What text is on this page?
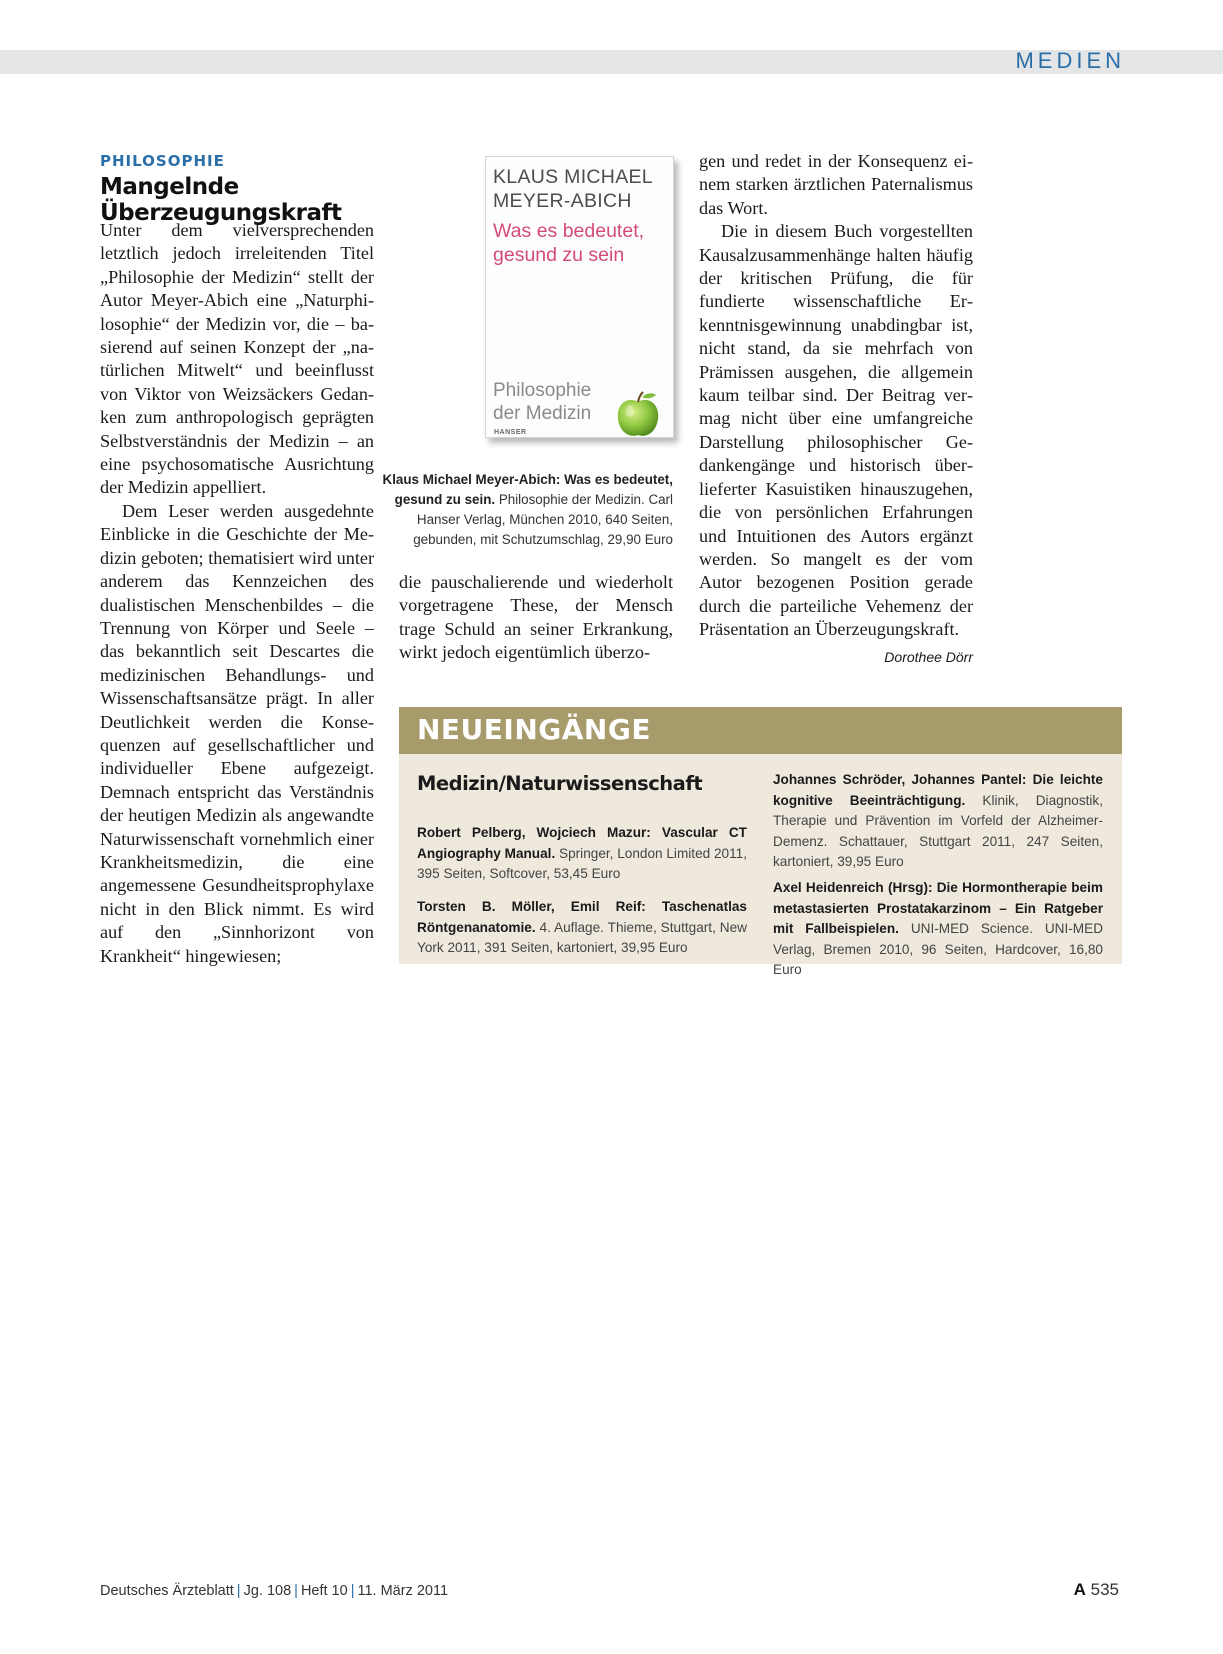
MEDIEN
PHILOSOPHIE
Mangelnde Überzeugungskraft

Unter dem vielversprechenden letztlich jedoch irreleitenden Titel „Philosophie der Medizin“ stellt der Autor Meyer-Abich eine „Naturphilosophie“ der Medizin vor, die – basierend auf seinen Konzept der „natürlichen Mitwelt“ und beeinflusst von Viktor von Weizsäckers Gedanken zum anthropologisch geprägten Selbstverständnis der Medizin – an eine psychosomatische Ausrichtung der Medizin appelliert.

Dem Leser werden ausgedehnte Einblicke in die Geschichte der Medizin geboten; thematisiert wird unter anderem das Kennzeichen des dualistischen Menschenbildes – die Trennung von Körper und Seele – das bekanntlich seit Descartes die medizinischen Behandlungs- und Wissenschaftsansätze prägt. In aller Deutlichkeit werden die Konsequenzen auf gesellschaftlicher und individueller Ebene aufgezeigt. Demnach entspricht das Verständnis der heutigen Medizin als angewandte Naturwissenschaft vornehmlich einer Krankheitsmedizin, die eine angemessene Gesundheitsprophylaxe nicht in den Blick nimmt. Es wird auf den „Sinnhorizont von Krankheit“ hingewiesen;

KLAUS MICHAEL MEYER-ABICH
Was es bedeutet, gesund zu sein
Philosophie der Medizin
HANSER
Klaus Michael Meyer-Abich: Was es bedeutet, gesund zu sein. Philosophie der Medizin. Carl Hanser Verlag, München 2010, 640 Seiten, gebunden, mit Schutzumschlag, 29,90 Euro

die pauschalierende und wiederholt vorgetragene These, der Mensch trage Schuld an seiner Erkrankung, wirkt jedoch eigentümlich überzo-

gen und redet in der Konsequenz einem starken ärztlichen Paternalismus das Wort.

Die in diesem Buch vorgestellten Kausalzusammenhänge halten häufig der kritischen Prüfung, die für fundierte wissenschaftliche Erkenntnisgewinnung unabdingbar ist, nicht stand, da sie mehrfach von Prämissen ausgehen, die allgemein kaum teilbar sind. Der Beitrag vermag nicht über eine umfangreiche Darstellung philosophischer Gedankengänge und historisch überlieferter Kasuistiken hinauszugehen, die von persönlichen Erfahrungen und Intuitionen des Autors ergänzt werden. So mangelt es der vom Autor bezogenen Position gerade durch die parteiliche Vehemenz der Präsentation an Überzeugungskraft.
Dorothee Dörr

NEUEINGÄNGE
Medizin/Naturwissenschaft
Robert Pelberg, Wojciech Mazur: Vascular CT Angiography Manual. Springer, London Limited 2011, 395 Seiten, Softcover, 53,45 Euro
Torsten B. Möller, Emil Reif: Taschenatlas Röntgenanatomie. 4. Auflage. Thieme, Stuttgart, New York 2011, 391 Seiten, kartoniert, 39,95 Euro
Johannes Schröder, Johannes Pantel: Die leichte kognitive Beeinträchtigung. Klinik, Diagnostik, Therapie und Prävention im Vorfeld der Alzheimer-Demenz. Schattauer, Stuttgart 2011, 247 Seiten, kartoniert, 39,95 Euro
Axel Heidenreich (Hrsg): Die Hormontherapie beim metastasierten Prostatakarzinom – Ein Ratgeber mit Fallbeispielen. UNI-MED Science. UNI-MED Verlag, Bremen 2010, 96 Seiten, Hardcover, 16,80 Euro
Deutsches Ärzteblatt | Jg. 108 | Heft 10 | 11. März 2011	A 535
